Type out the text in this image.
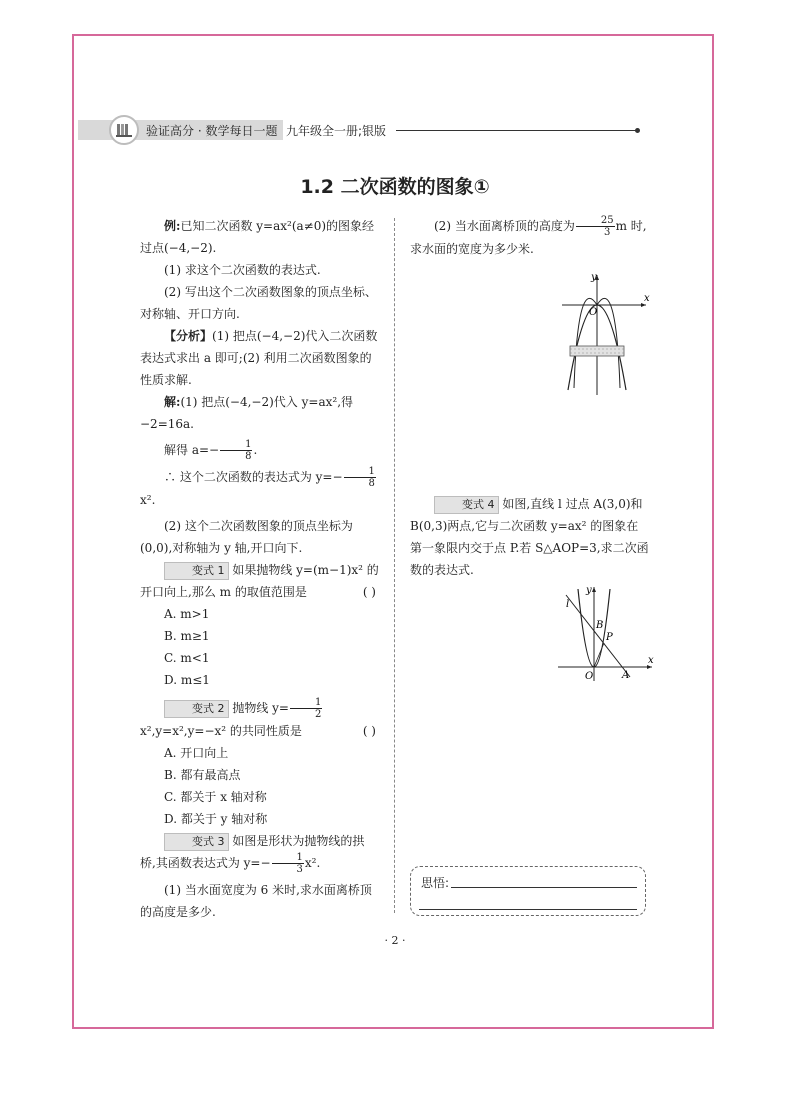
验证高分 · 数学每日一题 九年级全一册;银版
1.2 二次函数的图象①

例:已知二次函数 y=ax²(a≠0)的图象经过点(−4,−2).

(1) 求这个二次函数的表达式.

(2) 写出这个二次函数图象的顶点坐标、对称轴、开口方向.

【分析】(1) 把点(−4,−2)代入二次函数表达式求出 a 即可;(2) 利用二次函数图象的性质求解.

解:(1) 把点(−4,−2)代入 y=ax²,得 −2=16a.

解得 $a=- \frac{1}{8}$ .

∴ 这个二次函数的表达式为 $y=- \frac{1}{8}$
x².

(2) 这个二次函数图象的顶点坐标为(0,0),对称轴为 y 轴,开口向下.

变式 1 如果抛物线 y=(m−1)x² 的开口向上,那么 m 的取值范围是	( )

A. m>1

B. m≥1

C. m<1

D. m≤1

变式 2 抛物线 $y= \frac{1}{2}$
x²,y=x²,y=−x² 的共同性质是	( )

A. 开口向上

B. 都有最高点

C. 都关于 x 轴对称

D. 都关于 y 轴对称

变式 3 如图是形状为抛物线的拱桥,其函数表达式为 $y=- \frac{1}{3} x^2$.

(1) 当水面宽度为 6 米时,求水面离桥顶的高度是多少.

(2) 当水面离桥顶的高度为 $\frac{25}{3}$ m 时,求水面的宽度为多少米.

y
O
x

变式 4 如图,直线 l 过点 A(3,0)和 B(0,3)两点,它与二次函数 y=ax² 的图象在第一象限内交于点 P.若 S△AOP=3,求二次函数的表达式.

l
y
B
P
O	A
x
思悟:
· 2 ·
